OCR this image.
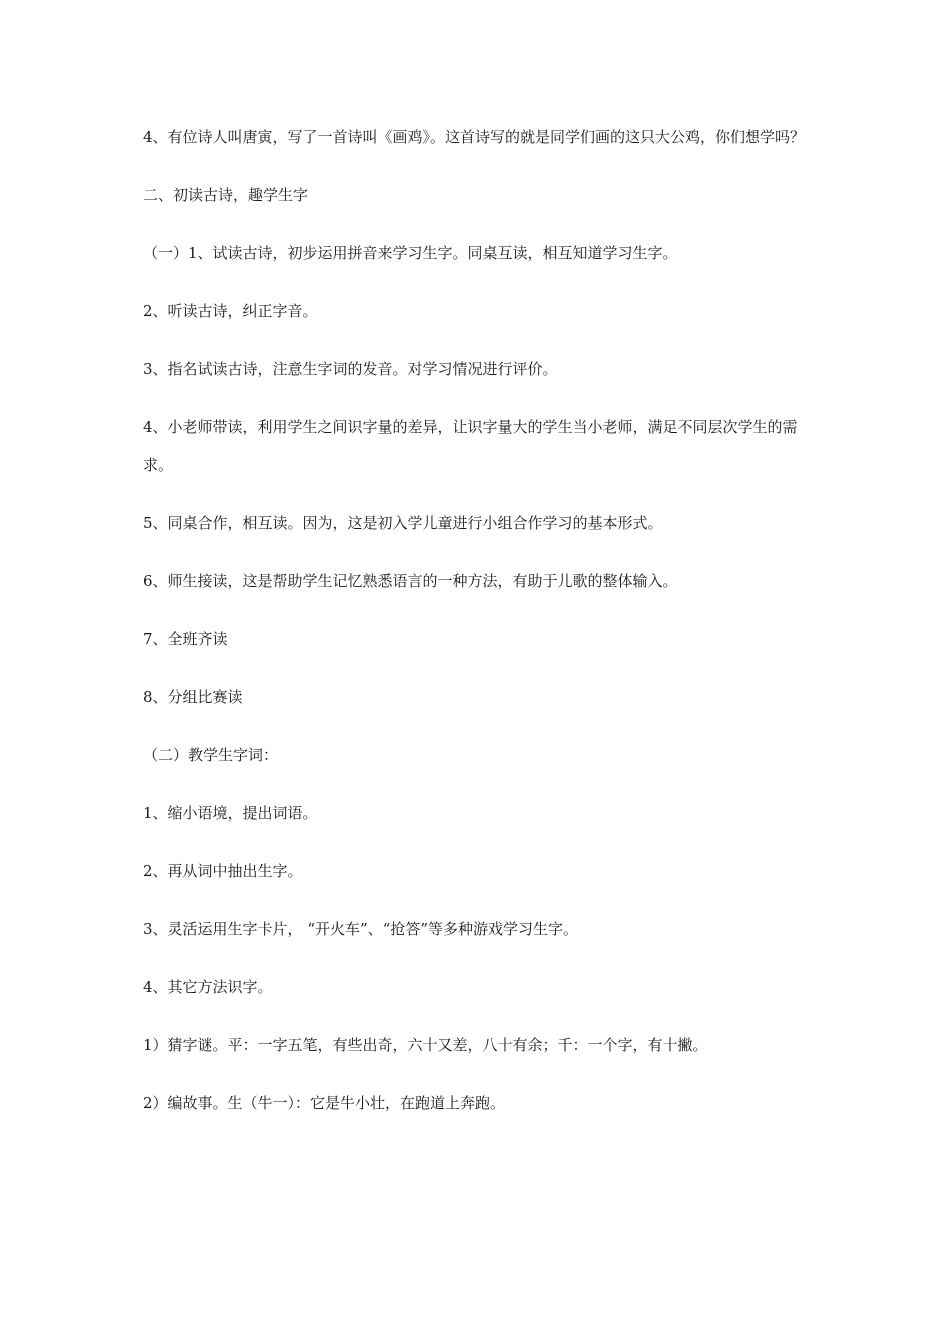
4、有位诗人叫唐寅，写了一首诗叫《画鸡》。这首诗写的就是同学们画的这只大公鸡，你们想学吗？

二、初读古诗，趣学生字

（一）1、试读古诗，初步运用拼音来学习生字。同桌互读，相互知道学习生字。

2、听读古诗，纠正字音。

3、指名试读古诗，注意生字词的发音。对学习情况进行评价。

4、小老师带读，利用学生之间识字量的差异，让识字量大的学生当小老师，满足不同层次学生的需求。

5、同桌合作，相互读。因为，这是初入学儿童进行小组合作学习的基本形式。

6、师生接读，这是帮助学生记忆熟悉语言的一种方法，有助于儿歌的整体输入。

7、全班齐读

8、分组比赛读

（二）教学生字词：

1、缩小语境，提出词语。

2、再从词中抽出生字。

3、灵活运用生字卡片， “开火车”、“抢答”等多种游戏学习生字。

4、其它方法识字。

1）猜字谜。平：一字五笔，有些出奇，六十又差，八十有余；千：一个字，有十撇。

2）编故事。生（牛一）：它是牛小壮，在跑道上奔跑。
